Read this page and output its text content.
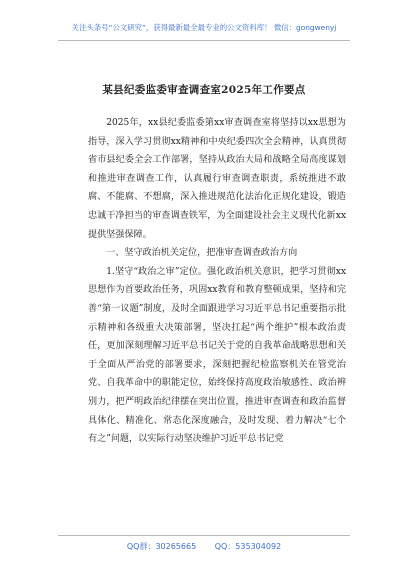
关注头条号“公文研究”，获得最新最全最专业的公文资料库！ 微信：gongwenyj
某县纪委监委审查调查室2025年工作要点

2025年，xx县纪委监委第xx审查调查室将坚持以xx思想为指导，深入学习贯彻xx精神和中央纪委四次全会精神，认真贯彻省市县纪委全会工作部署，坚持从政治大局和战略全局高度谋划和推进审查调查工作，认真履行审查调查职责，系统推进不敢腐、不能腐、不想腐，深入推进规范化法治化正规化建设，锻造忠诚干净担当的审查调查铁军，为全面建设社会主义现代化新xx提供坚强保障。

一、坚守政治机关定位，把准审查调查政治方向

1.坚守“政治之审”定位。强化政治机关意识，把学习贯彻xx思想作为首要政治任务，巩固xx教育和教育整顿成果，坚持和完善“第一议题”制度，及时全面跟进学习习近平总书记重要指示批示精神和各级重大决策部署，坚决扛起“两个维护”根本政治责任，更加深刻理解习近平总书记关于党的自我革命战略思想和关于全面从严治党的部署要求，深刻把握纪检监察机关在管党治党、自我革命中的职能定位，始终保持高度政治敏感性、政治辨别力，把严明政治纪律摆在突出位置，推进审查调查和政治监督具体化、精准化、常态化深度融合，及时发现、着力解决“七个有之”问题，以实际行动坚决维护习近平总书记党

QQ群：30265665 QQ：535304092
